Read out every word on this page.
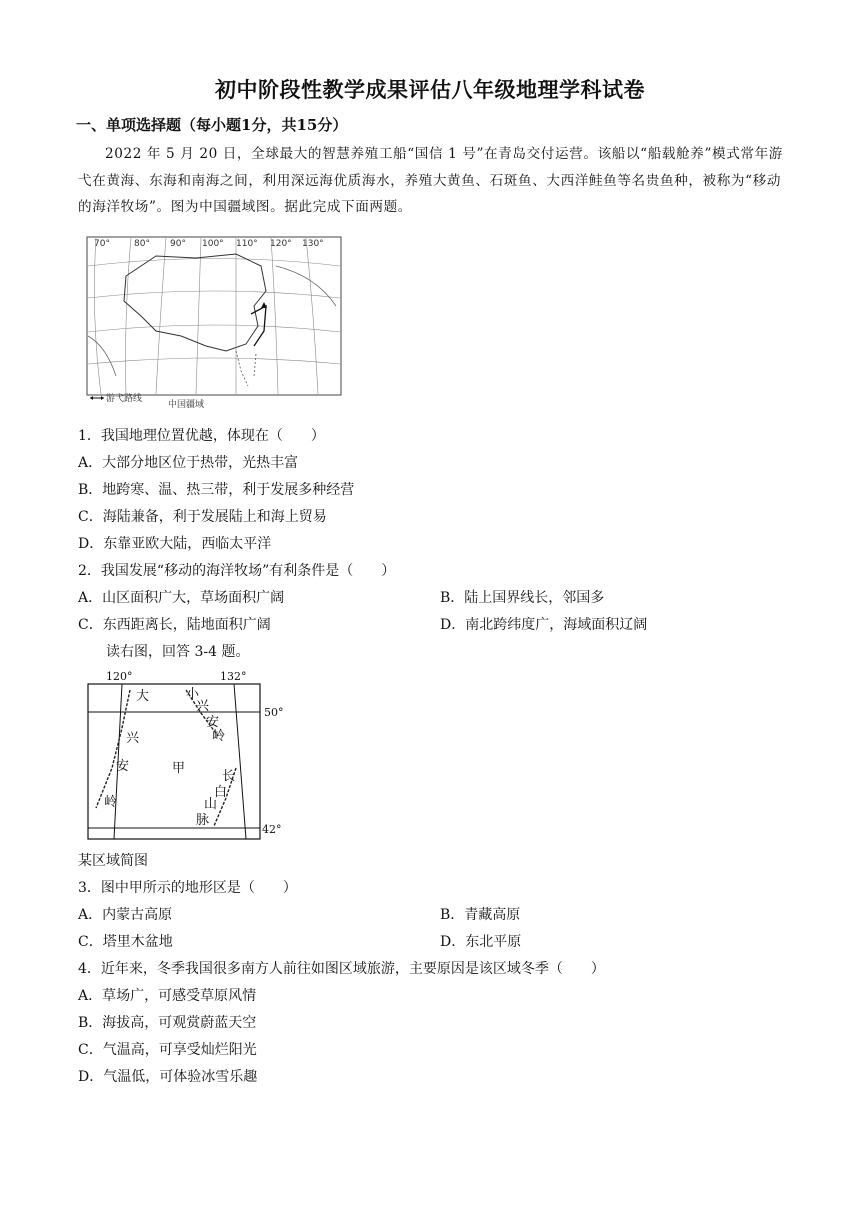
初中阶段性教学成果评估八年级地理学科试卷
一、单项选择题（每小题1分，共15分）
2022 年 5 月 20 日，全球最大的智慧养殖工船“国信 1 号”在青岛交付运营。该船以“船载舱养”模式常年游弋在黄海、东海和南海之间，利用深远海优质海水，养殖大黄鱼、石斑鱼、大西洋鲑鱼等名贵鱼种，被称为“移动的海洋牧场”。图为中国疆域图。据此完成下面两题。
70°	80° 90° 100° 110° 120° 130°
游弋路线
中国疆域
1．我国地理位置优越，体现在（　　）
A．大部分地区位于热带，光热丰富
B．地跨寒、温、热三带，利于发展多种经营
C．海陆兼备，利于发展陆上和海上贸易
D．东靠亚欧大陆，西临太平洋
2．我国发展“移动的海洋牧场”有利条件是（　　）
A．山区面积广大，草场面积广阔	B．陆上国界线长，邻国多
C．东西距离长，陆地面积广阔	D．南北跨纬度广，海域面积辽阔
读右图，回答 3-4 题。
120°	132°
50°
42°
大
兴
安
岭
小
兴
安
岭
甲
长
白
山
脉
某区域简图
3．图中甲所示的地形区是（　　）
A．内蒙古高原	B．青藏高原
C．塔里木盆地	D．东北平原
4．近年来，冬季我国很多南方人前往如图区域旅游，主要原因是该区域冬季（　　）
A．草场广，可感受草原风情
B．海拔高，可观赏蔚蓝天空
C．气温高，可享受灿烂阳光
D．气温低，可体验冰雪乐趣
